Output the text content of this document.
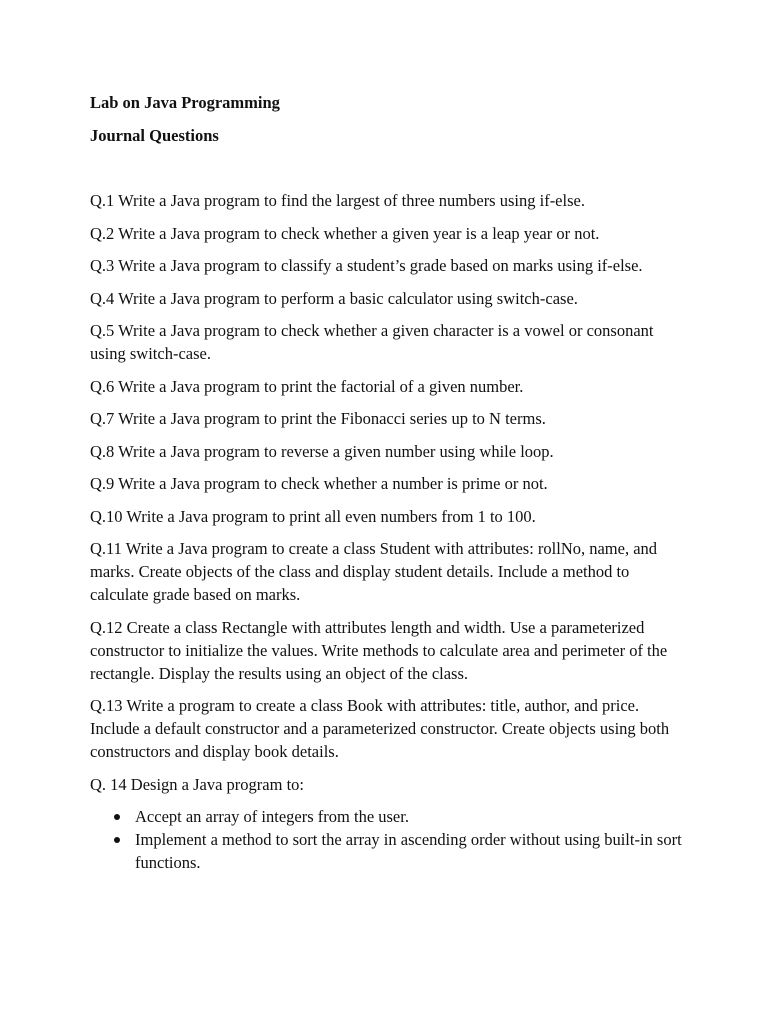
Lab on Java Programming

Journal Questions

Q.1 Write a Java program to find the largest of three numbers using if-else.

Q.2 Write a Java program to check whether a given year is a leap year or not.

Q.3 Write a Java program to classify a student’s grade based on marks using if-else.

Q.4 Write a Java program to perform a basic calculator using switch-case.

Q.5 Write a Java program to check whether a given character is a vowel or consonant using switch-case.

Q.6 Write a Java program to print the factorial of a given number.

Q.7 Write a Java program to print the Fibonacci series up to N terms.

Q.8 Write a Java program to reverse a given number using while loop.

Q.9 Write a Java program to check whether a number is prime or not.

Q.10 Write a Java program to print all even numbers from 1 to 100.

Q.11 Write a Java program to create a class Student with attributes: rollNo, name, and marks. Create objects of the class and display student details. Include a method to calculate grade based on marks.

Q.12 Create a class Rectangle with attributes length and width. Use a parameterized constructor to initialize the values. Write methods to calculate area and perimeter of the rectangle. Display the results using an object of the class.

Q.13 Write a program to create a class Book with attributes: title, author, and price. Include a default constructor and a parameterized constructor. Create objects using both constructors and display book details.

Q. 14 Design a Java program to:

Accept an array of integers from the user.
Implement a method to sort the array in ascending order without using built-in sort functions.
